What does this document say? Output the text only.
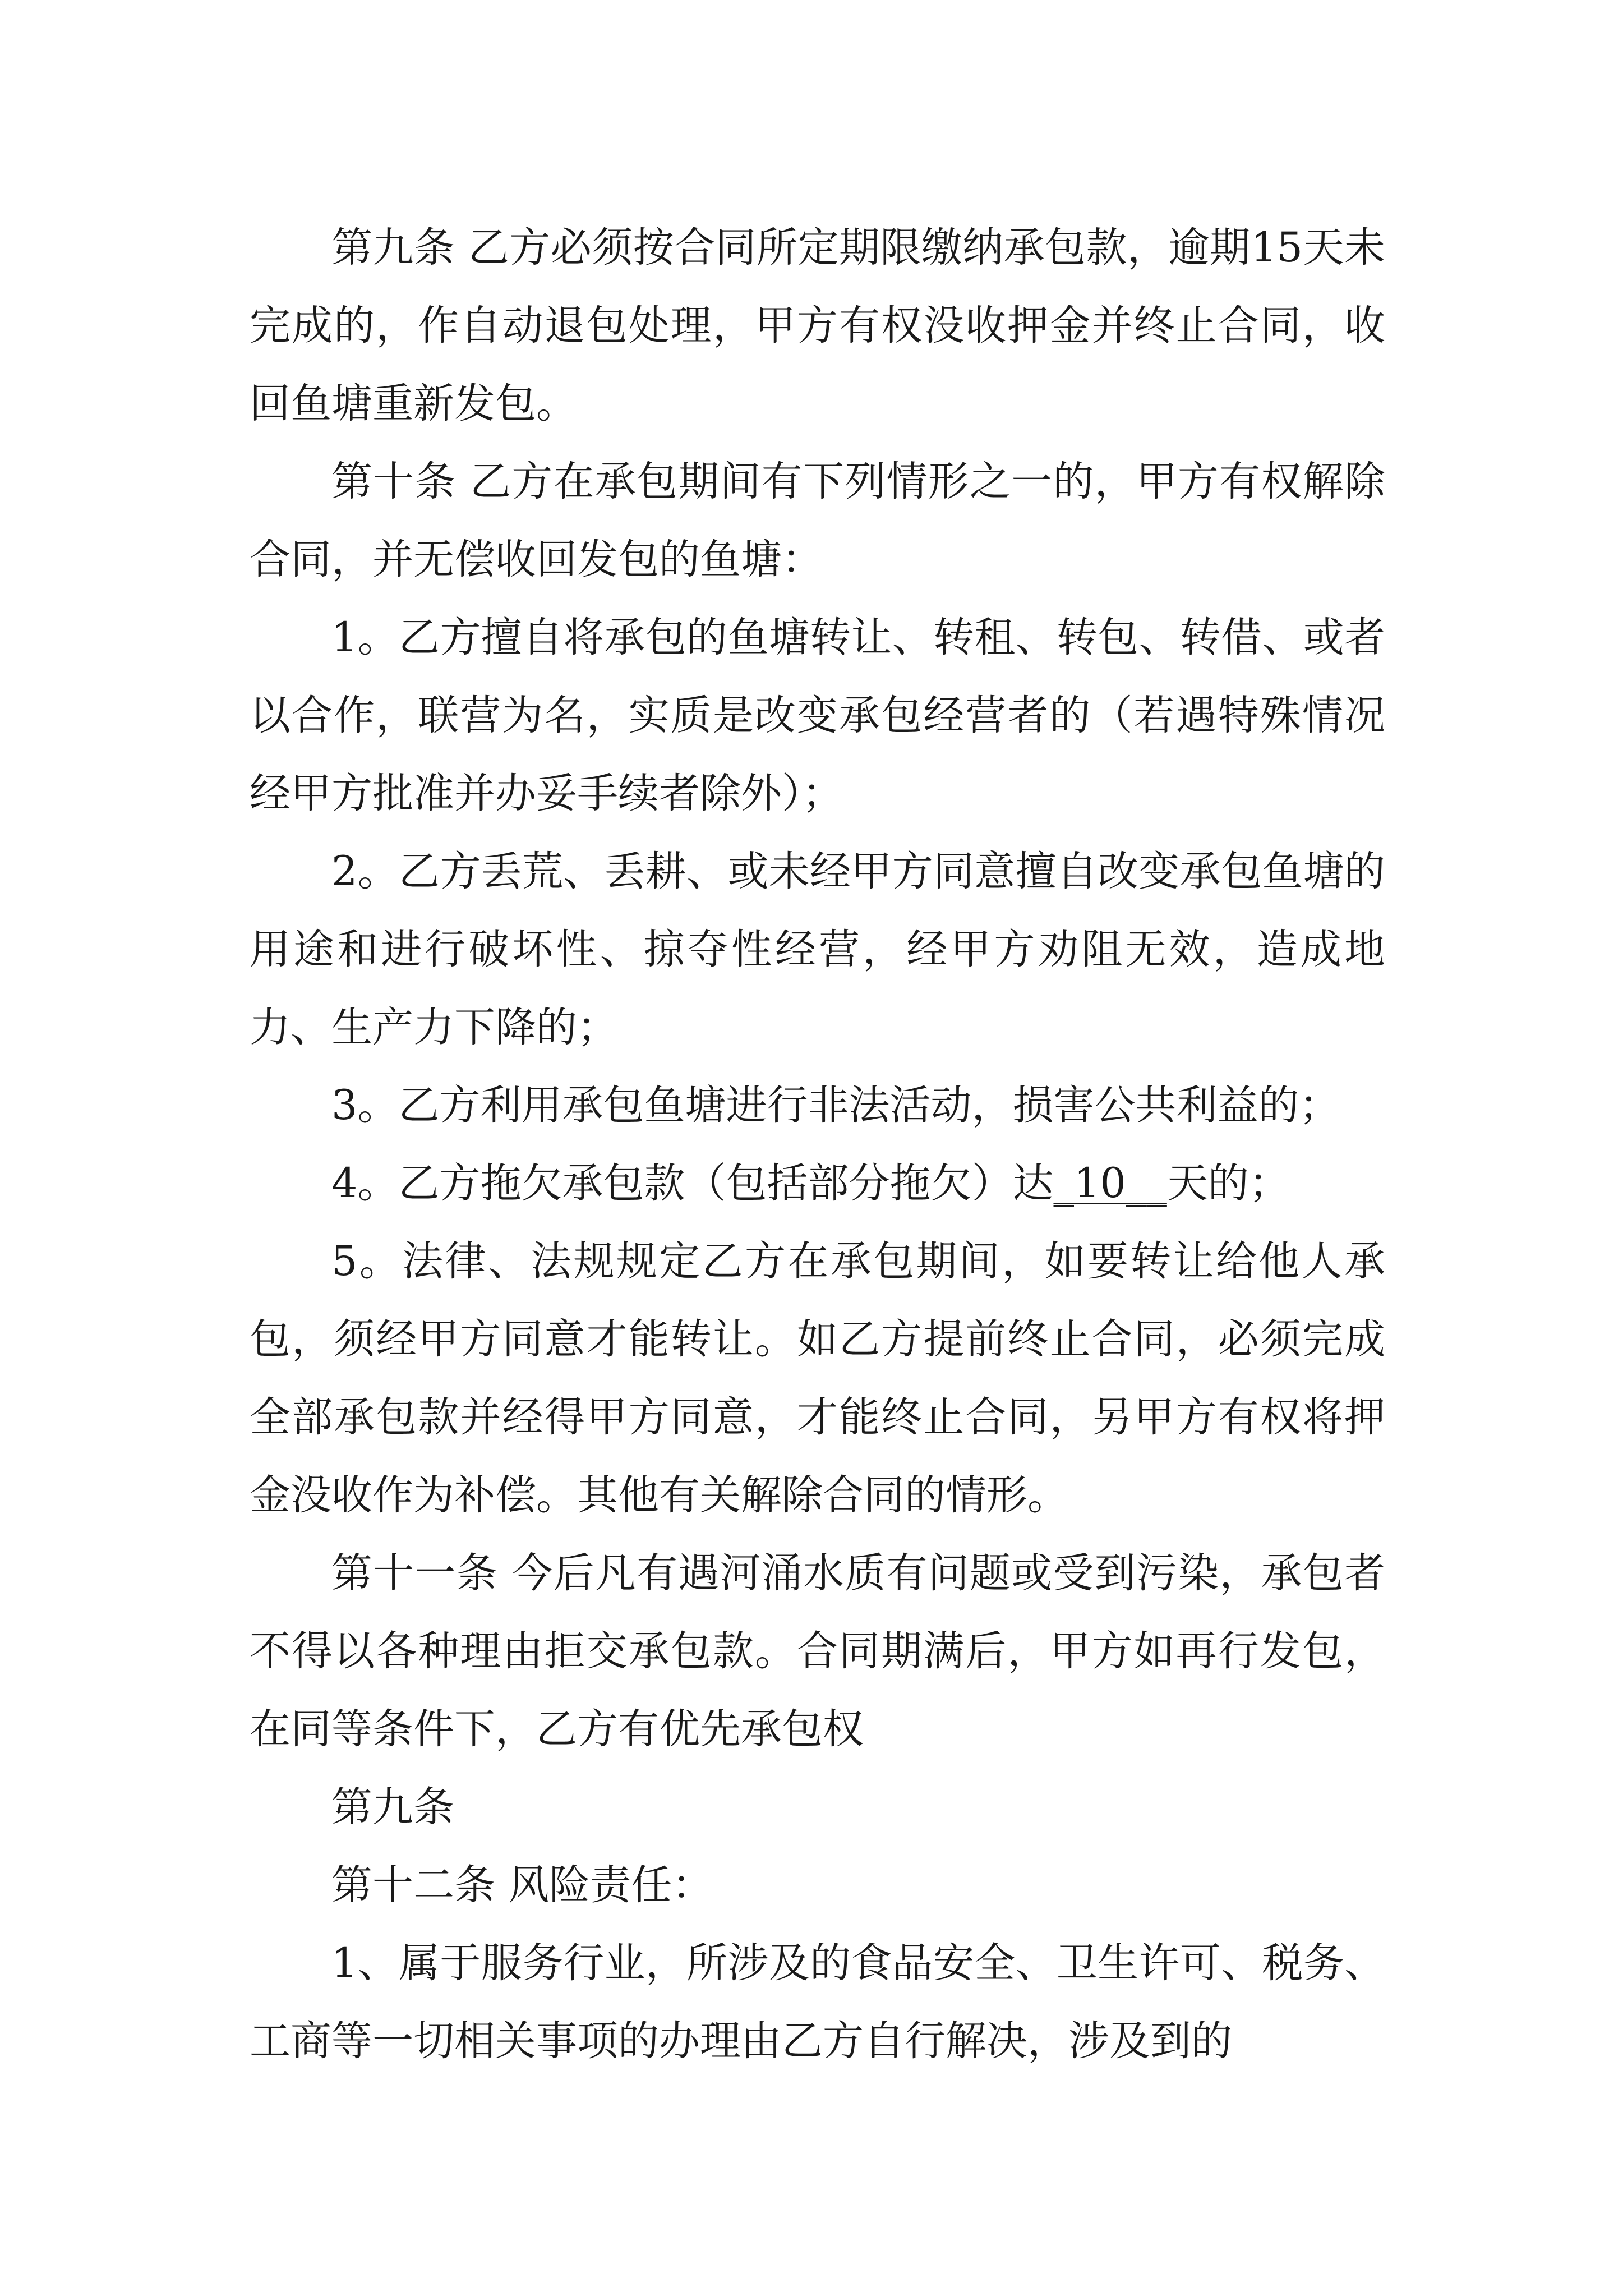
第九条 乙方必须按合同所定期限缴纳承包款，逾期15天未完成的，作自动退包处理，甲方有权没收押金并终止合同，收回鱼塘重新发包。

第十条 乙方在承包期间有下列情形之一的，甲方有权解除合同，并无偿收回发包的鱼塘：

1。乙方擅自将承包的鱼塘转让、转租、转包、转借、或者以合作，联营为名，实质是改变承包经营者的（若遇特殊情况经甲方批准并办妥手续者除外）；

2。乙方丢荒、丢耕、或未经甲方同意擅自改变承包鱼塘的用途和进行破坏性、掠夺性经营，经甲方劝阻无效，造成地力、生产力下降的；

3。乙方利用承包鱼塘进行非法活动，损害公共利益的；

4。乙方拖欠承包款（包括部分拖欠）达_10__天的；

5。法律、法规规定乙方在承包期间，如要转让给他人承包，须经甲方同意才能转让。如乙方提前终止合同，必须完成全部承包款并经得甲方同意，才能终止合同，另甲方有权将押金没收作为补偿。其他有关解除合同的情形。

第十一条 今后凡有遇河涌水质有问题或受到污染，承包者不得以各种理由拒交承包款。合同期满后，甲方如再行发包，在同等条件下，乙方有优先承包权

第九条

第十二条 风险责任：

1、属于服务行业，所涉及的食品安全、卫生许可、税务、工商等一切相关事项的办理由乙方自行解决，涉及到的
